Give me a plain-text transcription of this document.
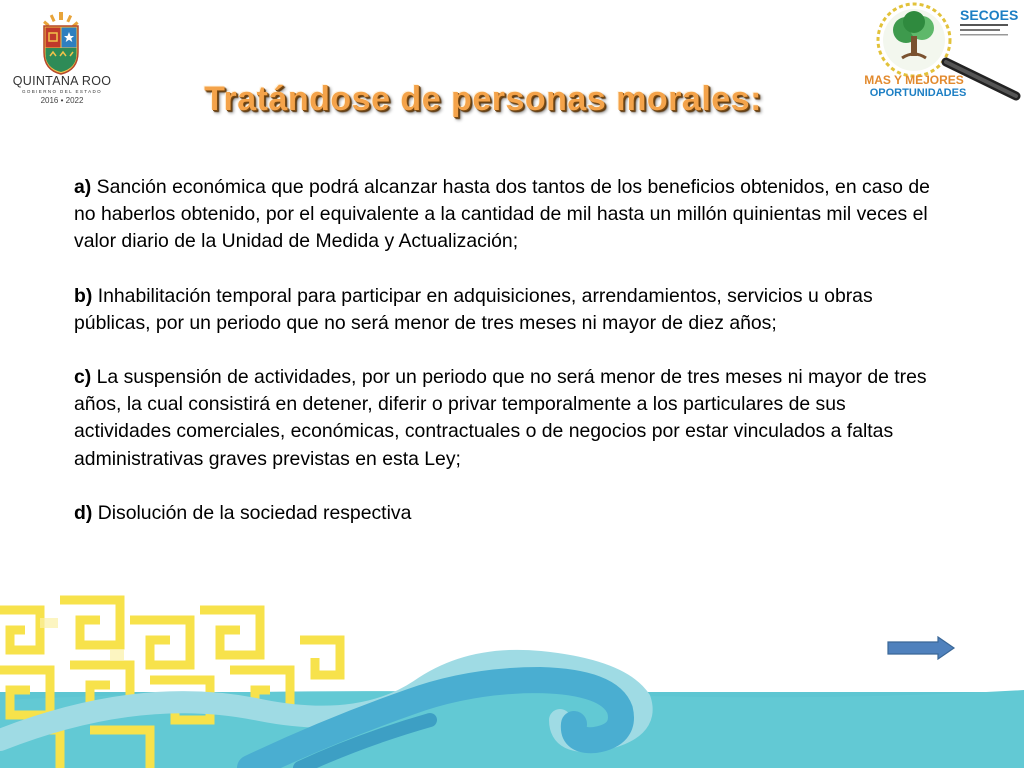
QUINTANA ROO
GOBIERNO DEL ESTADO
2016 • 2022
SECOES
MAS Y MEJORES
OPORTUNIDADES
Tratándose de personas morales:

a) Sanción económica que podrá alcanzar hasta dos tantos de los beneficios obtenidos, en caso de no haberlos obtenido, por el equivalente a la cantidad de mil hasta un millón quinientas mil veces el valor diario de la Unidad de Medida y Actualización;

b) Inhabilitación temporal para participar en adquisiciones, arrendamientos, servicios u obras públicas, por un periodo que no será menor de tres meses ni mayor de diez años;

c) La suspensión de actividades, por un periodo que no será menor de tres meses ni mayor de tres años, la cual consistirá en detener, diferir o privar temporalmente a los particulares de sus actividades comerciales, económicas, contractuales o de negocios por estar vinculados a faltas administrativas graves previstas en esta Ley;

d) Disolución de la sociedad respectiva
